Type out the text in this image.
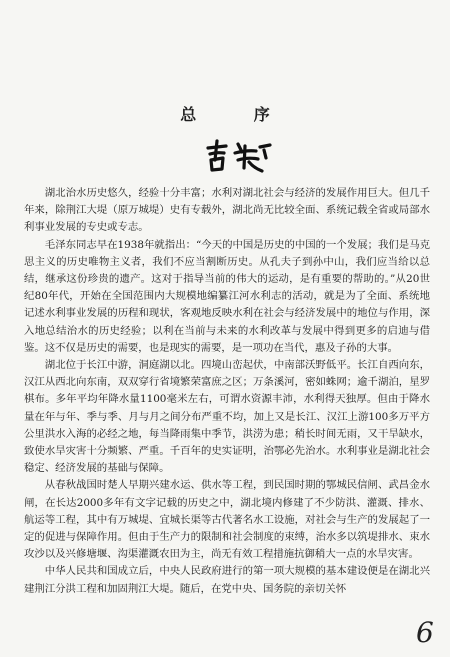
总 序

湖北治水历史悠久，经验十分丰富；水利对湖北社会与经济的发展作用巨大。但几千年来，除荆江大堤（原万城堤）史有专载外，湖北尚无比较全面、系统记载全省或局部水利事业发展的专史或专志。

毛泽东同志早在1938年就指出：“今天的中国是历史的中国的一个发展；我们是马克思主义的历史唯物主义者，我们不应当割断历史。从孔夫子到孙中山，我们应当给以总结，继承这份珍贵的遗产。这对于指导当前的伟大的运动，是有重要的帮助的。”从20世纪80年代，开始在全国范围内大规模地编纂江河水利志的活动，就是为了全面、系统地记述水利事业发展的历程和现状，客观地反映水利在社会与经济发展中的地位与作用，深入地总结治水的历史经验；以利在当前与未来的水利改革与发展中得到更多的启迪与借鉴。这不仅是历史的需要，也是现实的需要，是一项功在当代，惠及子孙的大事。

湖北位于长江中游，洞庭湖以北。四境山峦起伏，中南部沃野低平。长江自西向东，汉江从西北向东南，双双穿行省境繁荣富庶之区；万条溪河，密如蛛网；逾千湖泊，星罗棋布。多年平均年降水量1100毫米左右，可谓水资源丰沛，水利得天独厚。但由于降水量在年与年、季与季、月与月之间分布严重不均，加上又是长江、汉江上游100多万平方公里洪水入海的必经之地，每当降雨集中季节，洪涝为患；稍长时间无雨，又干旱缺水，致使水旱灾害十分频繁、严重。千百年的史实证明，治鄂必先治水。水利事业是湖北社会稳定、经济发展的基础与保障。

从春秋战国时楚人早期兴建水运、供水等工程，到民国时期的鄂城民信闸、武昌金水闸，在长达2000多年有文字记载的历史之中，湖北境内修建了不少防洪、灌溉、排水、航运等工程，其中有万城堤、宜城长渠等古代著名水工设施，对社会与生产的发展起了一定的促进与保障作用。但由于生产力的限制和社会制度的束缚，治水多以筑堤排水、束水攻沙以及兴修塘堰、沟渠灌溉农田为主，尚无有效工程措施抗御稍大一点的水旱灾害。

中华人民共和国成立后，中央人民政府进行的第一项大规模的基本建设便是在湖北兴建荆江分洪工程和加固荆江大堤。随后，在党中央、国务院的亲切关怀

6
